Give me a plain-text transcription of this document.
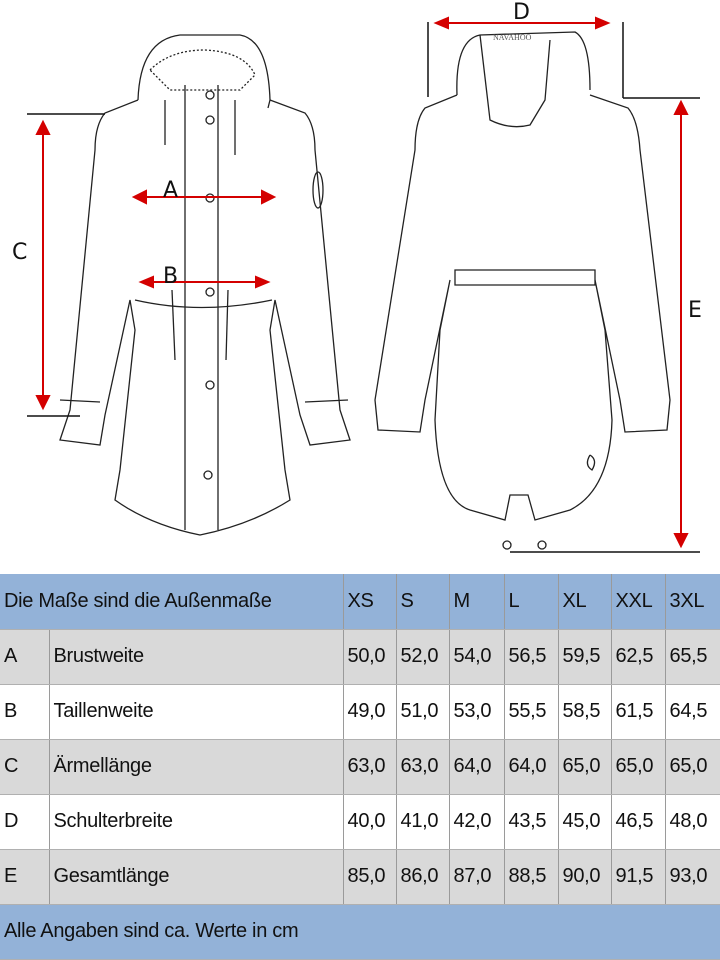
NAVAHOO
A
B
C
D
E
Die Maße sind die Außenmaße		XS	S	M	L	XL	XXL	3XL
A	Brustweite	50,0	52,0	54,0	56,5	59,5	62,5	65,5
B	Taillenweite	49,0	51,0	53,0	55,5	58,5	61,5	64,5
C	Ärmellänge	63,0	63,0	64,0	64,0	65,0	65,0	65,0
D	Schulterbreite	40,0	41,0	42,0	43,5	45,0	46,5	48,0
E	Gesamtlänge	85,0	86,0	87,0	88,5	90,0	91,5	93,0
Alle Angaben sind ca. Werte in cm								
